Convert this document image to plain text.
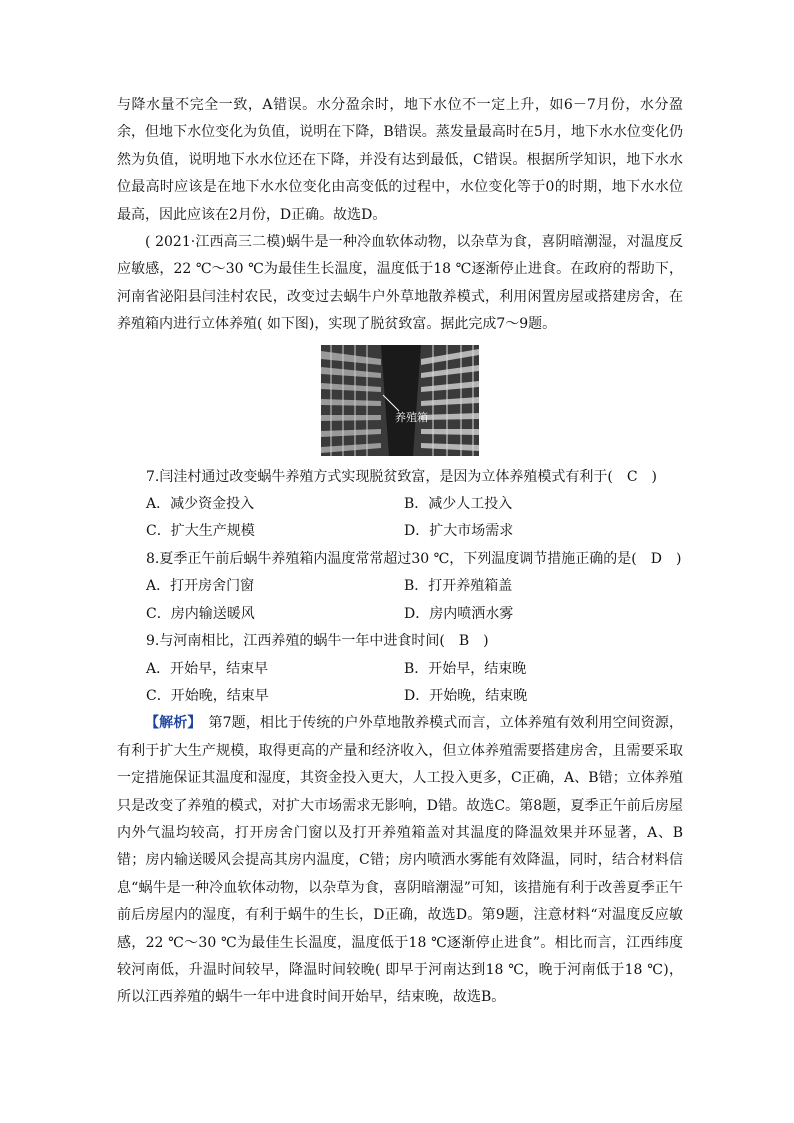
与降水量不完全一致，A错误。水分盈余时，地下水位不一定上升，如6－7月份，水分盈余，但地下水位变化为负值，说明在下降，B错误。蒸发量最高时在5月，地下水水位变化仍然为负值，说明地下水水位还在下降，并没有达到最低，C错误。根据所学知识，地下水水位最高时应该是在地下水水位变化由高变低的过程中，水位变化等于0的时期，地下水水位最高，因此应该在2月份，D正确。故选D。

( 2021·江西高三二模)蜗牛是一种冷血软体动物，以杂草为食，喜阴暗潮湿，对温度反应敏感，22 ℃～30 ℃为最佳生长温度，温度低于18 ℃逐渐停止进食。在政府的帮助下，河南省泌阳县闫洼村农民，改变过去蜗牛户外草地散养模式，利用闲置房屋或搭建房舍，在养殖箱内进行立体养殖( 如下图)，实现了脱贫致富。据此完成7～9题。

养殖箱

7.闫洼村通过改变蜗牛养殖方式实现脱贫致富，是因为立体养殖模式有利于(　C　)

A．减少资金投入	B．减少人工投入
C．扩大生产规模	D．扩大市场需求

8.夏季正午前后蜗牛养殖箱内温度常常超过30 ℃，下列温度调节措施正确的是(　D　)

A．打开房舍门窗	B．打开养殖箱盖
C．房内输送暖风	D．房内喷洒水雾

9.与河南相比，江西养殖的蜗牛一年中进食时间(　B　)

A．开始早，结束早	B．开始早，结束晚
C．开始晚，结束早	D．开始晚，结束晚

【解析】　第7题，相比于传统的户外草地散养模式而言，立体养殖有效利用空间资源，有利于扩大生产规模，取得更高的产量和经济收入，但立体养殖需要搭建房舍，且需要采取一定措施保证其温度和湿度，其资金投入更大，人工投入更多，C正确，A、B错；立体养殖只是改变了养殖的模式，对扩大市场需求无影响，D错。故选C。第8题，夏季正午前后房屋内外气温均较高，打开房舍门窗以及打开养殖箱盖对其温度的降温效果并环显著，A、B错；房内输送暖风会提高其房内温度，C错；房内喷洒水雾能有效降温，同时，结合材料信息“蜗牛是一种冷血软体动物，以杂草为食，喜阴暗潮湿”可知，该措施有利于改善夏季正午前后房屋内的湿度，有利于蜗牛的生长，D正确，故选D。第9题，注意材料“对温度反应敏感，22 ℃～30 ℃为最佳生长温度，温度低于18 ℃逐渐停止进食”。相比而言，江西纬度较河南低，升温时间较早，降温时间较晚( 即早于河南达到18 ℃，晚于河南低于18 ℃)，所以江西养殖的蜗牛一年中进食时间开始早，结束晚，故选B。
